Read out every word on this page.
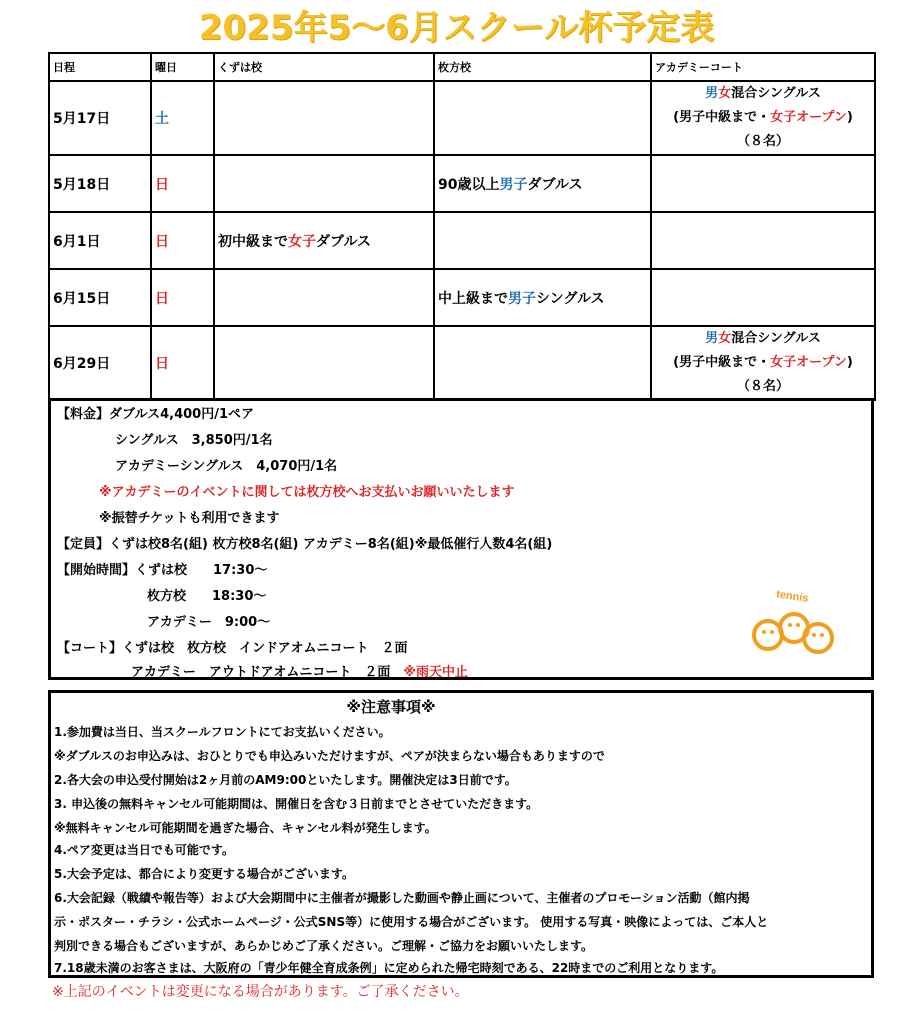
2025年5～6月スクール杯予定表
日程	曜日	くずは校	枚方校	アカデミーコート
5月17日	土			男女混合シングルス
(男子中級まで・女子オープン)
（８名）

5月18日	日		90歳以上男子ダブルス	
6月1日	日	初中級まで女子ダブルス		
6月15日	日		中上級まで男子シングルス	
6月29日	日			男女混合シングルス
(男子中級まで・女子オープン)
（８名）
【料金】ダブルス4,400円/1ペア
シングルス　3,850円/1名
アカデミーシングルス　4,070円/1名
※アカデミーのイベントに関しては枚方校へお支払いお願いいたします
※振替チケットも利用できます
【定員】くずは校8名(組) 枚方校8名(組) アカデミー8名(組)※最低催行人数4名(組)
【開始時間】くずは校　　17:30～
枚方校　　18:30～
アカデミー　9:00～
【コート】くずは校　枚方校　インドアオムニコート　２面
アカデミー　アウトドアオムニコート　２面　※雨天中止
tennis
egg
※注意事項※
1.参加費は当日、当スクールフロントにてお支払いください。
※ダブルスのお申込みは、おひとりでも申込みいただけますが、ペアが決まらない場合もありますので
2.各大会の申込受付開始は2ヶ月前のAM9:00といたします。開催決定は3日前です。
3. 申込後の無料キャンセル可能期間は、開催日を含む３日前までとさせていただきます。
※無料キャンセル可能期間を過ぎた場合、キャンセル料が発生します。
4.ペア変更は当日でも可能です。
5.大会予定は、都合により変更する場合がございます。
6.大会記録（戦績や報告等）および大会期間中に主催者が撮影した動画や静止画について、主催者のプロモーション活動（館内掲
示・ポスター・チラシ・公式ホームページ・公式SNS等）に使用する場合がございます。 使用する写真・映像によっては、ご本人と
判別できる場合もございますが、あらかじめご了承ください。ご理解・ご協力をお願いいたします。
7.18歳未満のお客さまは、大阪府の「青少年健全育成条例」に定められた帰宅時刻である、22時までのご利用となります。
※上記のイベントは変更になる場合があります。ご了承ください。
